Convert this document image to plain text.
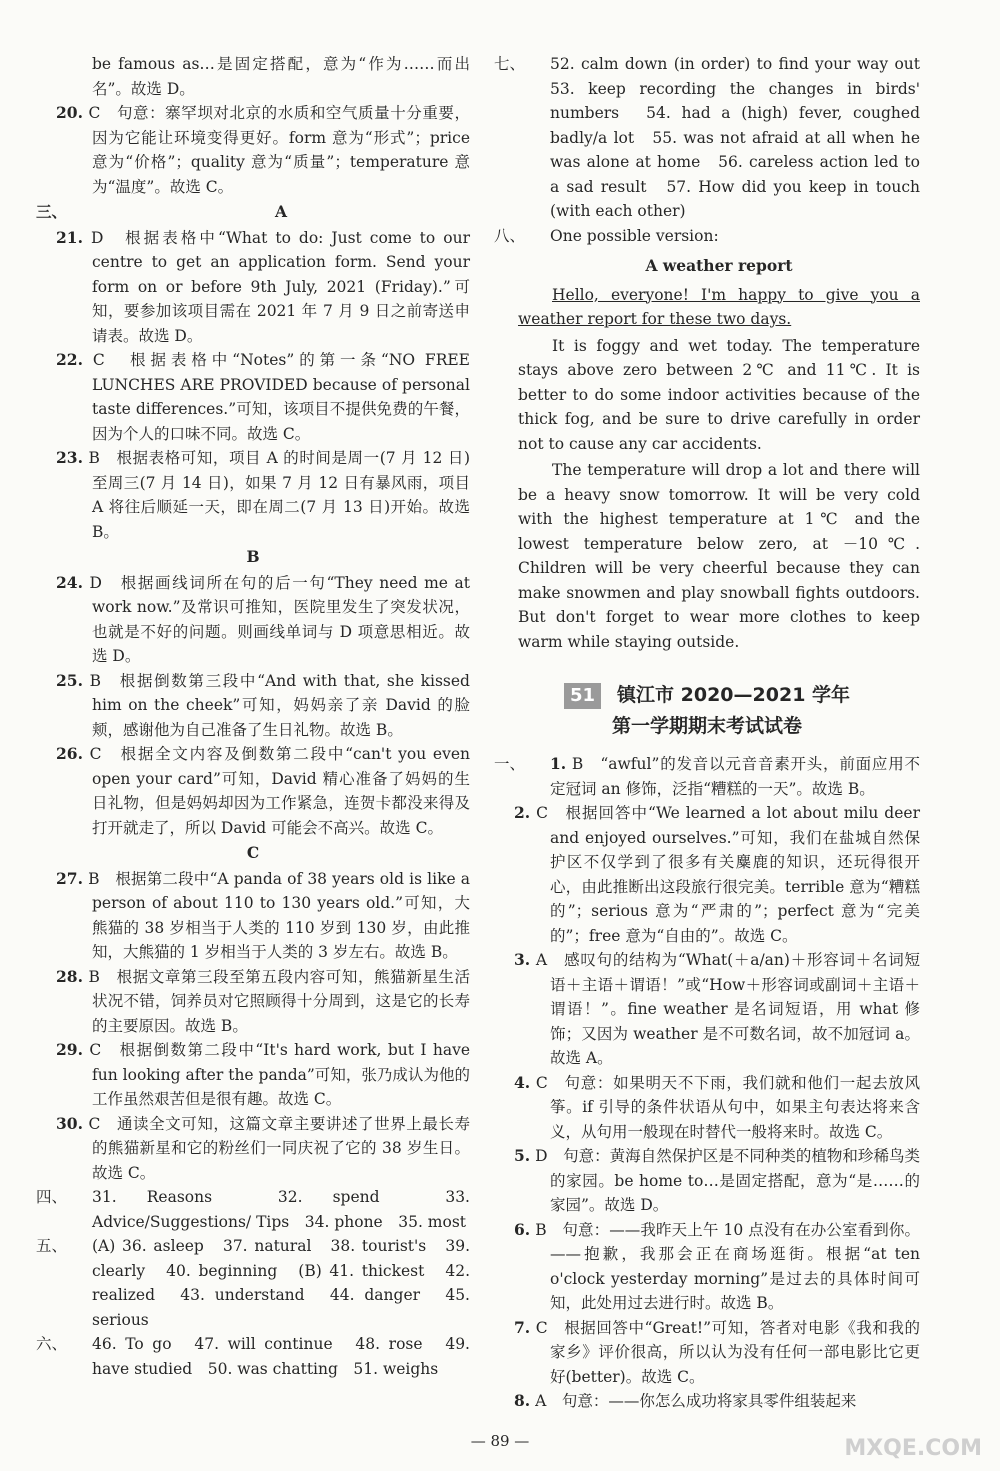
be famous as…是固定搭配，意为“作为……而出名”。故选 D。

20. C　句意：寨罕坝对北京的水质和空气质量十分重要，因为它能让环境变得更好。form 意为“形式”；price 意为“价格”；quality 意为“质量”；temperature 意为“温度”。故选 C。

三、	A

21. D　根据表格中“What to do: Just come to our centre to get an application form. Send your form on or before 9th July, 2021 (Friday).”可知，要参加该项目需在 2021 年 7 月 9 日之前寄送申请表。故选 D。

22. C　根据表格中“Notes”的第一条“NO FREE LUNCHES ARE PROVIDED because of personal taste differences.”可知，该项目不提供免费的午餐，因为个人的口味不同。故选 C。

23. B　根据表格可知，项目 A 的时间是周一(7 月 12 日)至周三(7 月 14 日)，如果 7 月 12 日有暴风雨，项目 A 将往后顺延一天，即在周二(7 月 13 日)开始。故选 B。

B

24. D　根据画线词所在句的后一句“They need me at work now.”及常识可推知，医院里发生了突发状况，也就是不好的问题。则画线单词与 D 项意思相近。故选 D。

25. B　根据倒数第三段中“And with that, she kissed him on the cheek”可知，妈妈亲了亲 David 的脸颊，感谢他为自己准备了生日礼物。故选 B。

26. C　根据全文内容及倒数第二段中“can't you even open your card”可知，David 精心准备了妈妈的生日礼物，但是妈妈却因为工作紧急，连贺卡都没来得及打开就走了，所以 David 可能会不高兴。故选 C。

C

27. B　根据第二段中“A panda of 38 years old is like a person of about 110 to 130 years old.”可知，大熊猫的 38 岁相当于人类的 110 岁到 130 岁，由此推知，大熊猫的 1 岁相当于人类的 3 岁左右。故选 B。

28. B　根据文章第三段至第五段内容可知，熊猫新星生活状况不错，饲养员对它照顾得十分周到，这是它的长寿的主要原因。故选 B。

29. C　根据倒数第二段中“It's hard work, but I have fun looking after the panda”可知，张乃成认为他的工作虽然艰苦但是很有趣。故选 C。

30. C　通读全文可知，这篇文章主要讲述了世界上最长寿的熊猫新星和它的粉丝们一同庆祝了它的 38 岁生日。故选 C。

四、 31. Reasons　32. spend　33. Advice/Suggestions/ Tips　34. phone　35. most

五、 (A) 36. asleep　37. natural　38. tourist's　39. clearly　40. beginning　(B) 41. thickest　42. realized　43. understand　44. danger　45. serious

六、 46. To go　47. will continue　48. rose　49. have studied　50. was chatting　51. weighs

七、 52. calm down (in order) to find your way out　53. keep recording the changes in birds' numbers　54. had a (high) fever, coughed badly/a lot　55. was not afraid at all when he was alone at home　56. careless action led to a sad result　57. How did you keep in touch (with each other)
八、 One possible version:
A weather report

Hello, everyone! I'm happy to give you a weather report for these two days.

It is foggy and wet today. The temperature stays above zero between 2℃ and 11℃. It is better to do some indoor activities because of the thick fog, and be sure to drive carefully in order not to cause any car accidents.

The temperature will drop a lot and there will be a heavy snow tomorrow. It will be very cold with the highest temperature at 1℃ and the lowest temperature below zero, at －10℃. Children will be very cheerful because they can make snowmen and play snowball fights outdoors. But don't forget to wear more clothes to keep warm while staying outside.

51 镇江市 2020—2021 学年
第一学期期末考试试卷

一、 1. B　“awful”的发音以元音音素开头，前面应用不定冠词 an 修饰，泛指“糟糕的一天”。故选 B。

2. C　根据回答中“We learned a lot about milu deer and enjoyed ourselves.”可知，我们在盐城自然保护区不仅学到了很多有关麋鹿的知识，还玩得很开心，由此推断出这段旅行很完美。terrible 意为“糟糕的”；serious 意为“严肃的”；perfect 意为“完美的”；free 意为“自由的”。故选 C。

3. A　感叹句的结构为“What(＋a/an)＋形容词＋名词短语＋主语＋谓语！”或“How＋形容词或副词＋主语＋谓语！”。fine weather 是名词短语，用 what 修饰；又因为 weather 是不可数名词，故不加冠词 a。故选 A。

4. C　句意：如果明天不下雨，我们就和他们一起去放风筝。if 引导的条件状语从句中，如果主句表达将来含义，从句用一般现在时替代一般将来时。故选 C。

5. D　句意：黄海自然保护区是不同种类的植物和珍稀鸟类的家园。be home to…是固定搭配，意为“是……的家园”。故选 D。

6. B　句意：——我昨天上午 10 点没有在办公室看到你。——抱歉，我那会正在商场逛街。根据“at ten o'clock yesterday morning”是过去的具体时间可知，此处用过去进行时。故选 B。

7. C　根据回答中“Great!”可知，答者对电影《我和我的家乡》评价很高，所以认为没有任何一部电影比它更好(better)。故选 C。

8. A　句意：——你怎么成功将家具零件组装起来

— 89 —	MXQE.COM
